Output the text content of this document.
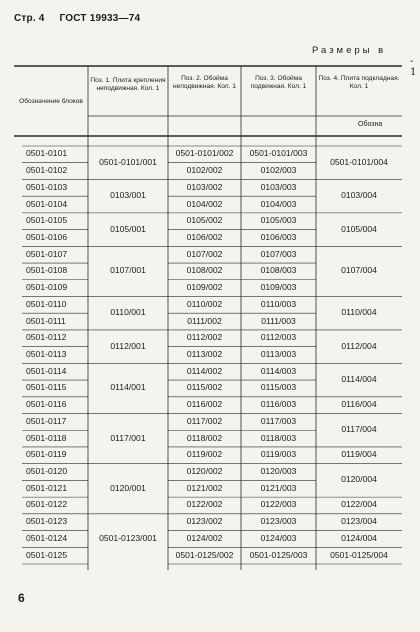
Стр. 4 ГОСТ 19933—74
Размеры в
‑ 1
Обозначение блоков
Поз. 1. Плита крепления неподвижная. Кол. 1
Поз. 2. Обойма неподвижная. Кол. 1
Поз. 3. Обойма подвижная. Кол. 1
Поз. 4. Плита подкладная. Кол. 1
Обозна
0501-0101
0501-0102
0501-0103
0501-0104
0501-0105
0501-0106
0501-0107
0501-0108
0501-0109
0501-0110
0501-0111
0501-0112
0501-0113
0501-0114
0501-0115
0501-0116
0501-0117
0501-0118
0501-0119
0501-0120
0501-0121
0501-0122
0501-0123
0501-0124
0501-0125
0501-0101/002
0102/002
0103/002
0104/002
0105/002
0106/002
0107/002
0108/002
0109/002
0110/002
0111/002
0112/002
0113/002
0114/002
0115/002
0116/002
0117/002
0118/002
0119/002
0120/002
0121/002
0122/002
0123/002
0124/002
0501-0125/002
0501-0101/003
0102/003
0103/003
0104/003
0105/003
0106/003
0107/003
0108/003
0109/003
0110/003
0111/003
0112/003
0113/003
0114/003
0115/003
0116/003
0117/003
0118/003
0119/003
0120/003
0121/003
0122/003
0123/003
0124/003
0501-0125/003
0501-0101/001
0103/001
0105/001
0107/001
0110/001
0112/001
0114/001
0117/001
0120/001
0501-0123/001
0501-0101/004
0103/004
0105/004
0107/004
0110/004
0112/004
0114/004
0116/004
0117/004
0119/004
0120/004
0122/004
0123/004
0124/004
0501-0125/004
6
